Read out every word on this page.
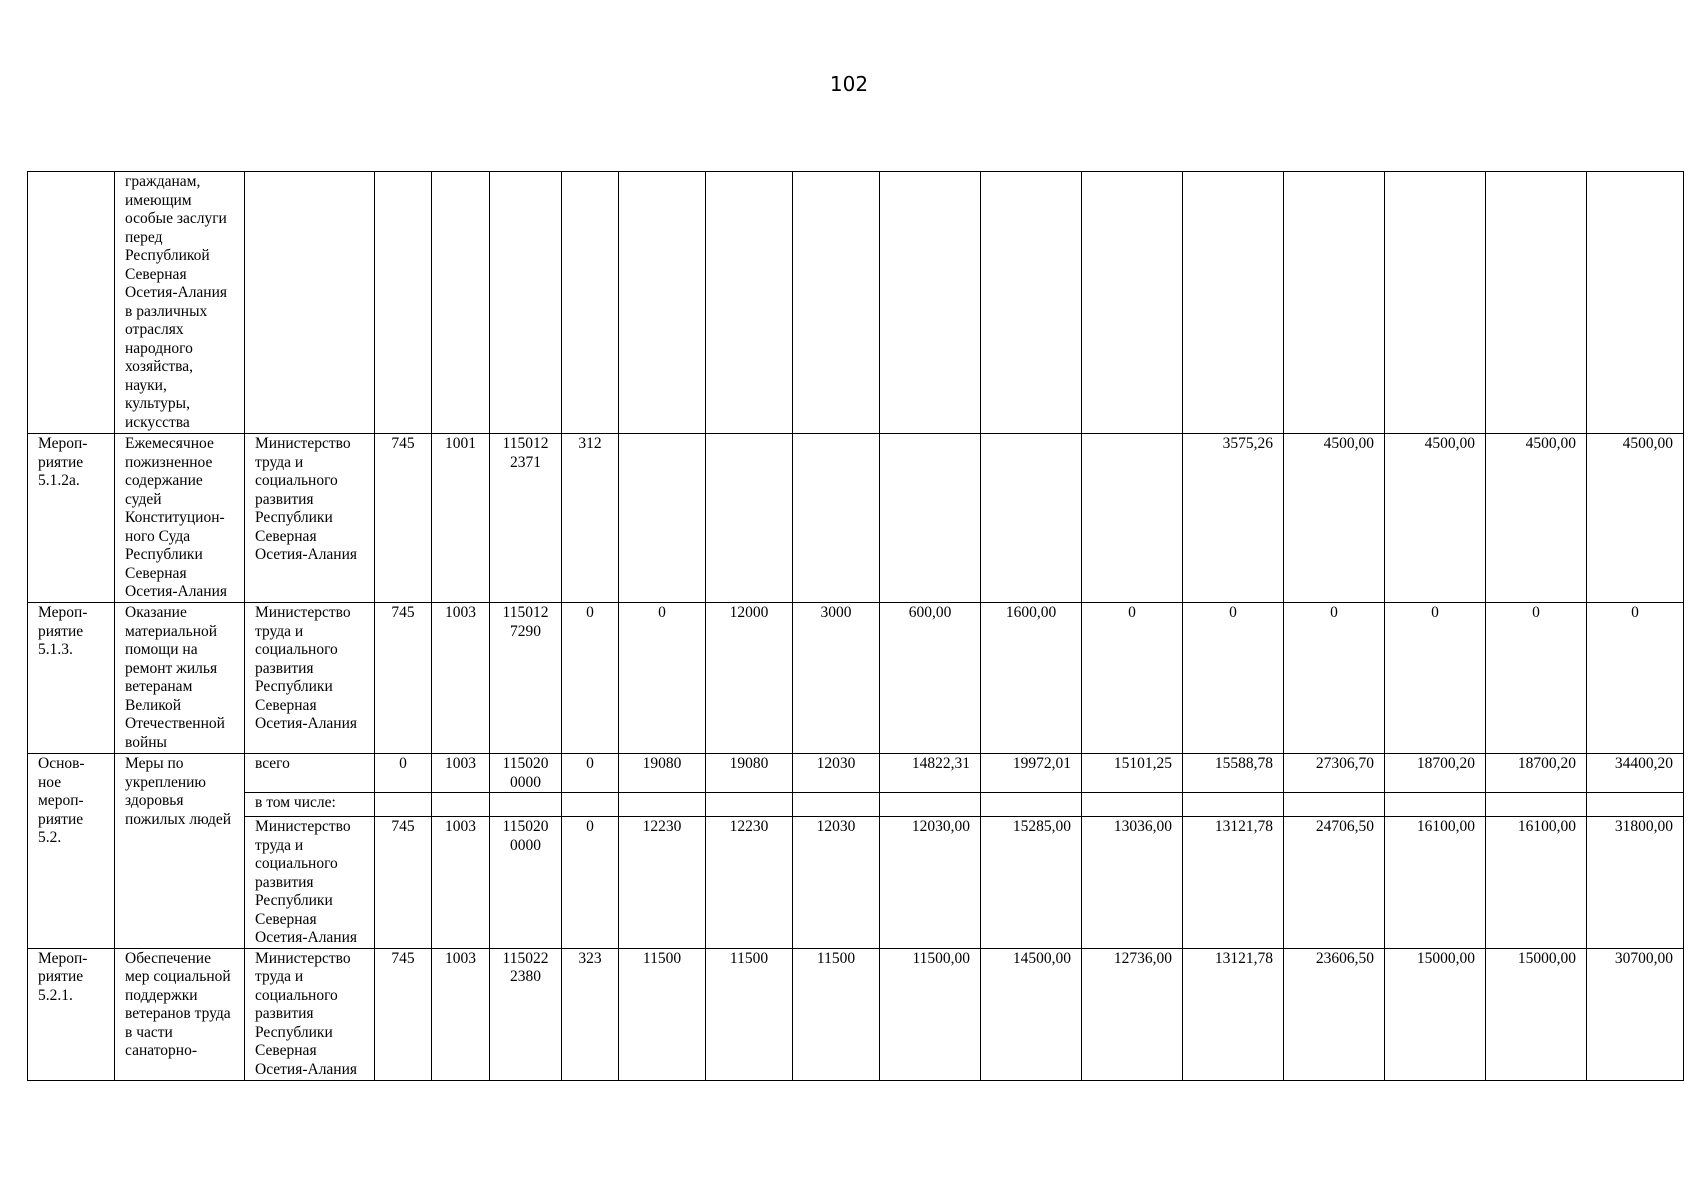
102
	гражданам, имеющим особые заслуги перед Республикой Северная Осетия-Алания в различных отраслях народного хозяйства, науки, культуры, искусства																
Мероп-риятие 5.1.2а.	Ежемесячное пожизненное содержание судей Конституцион-ного Суда Республики Северная Осетия-Алания	Министерство труда и социального развития Республики Северная Осетия-Алания	745	1001	1150122371	312							3575,26	4500,00	4500,00	4500,00	4500,00
Мероп-риятие 5.1.3.	Оказание материальной помощи на ремонт жилья ветеранам Великой Отечественной войны	Министерство труда и социального развития Республики Северная Осетия-Алания	745	1003	1150127290	0	0	12000	3000	600,00	1600,00	0	0	0	0	0	0
Основ-ное мероп-риятие 5.2.	Меры по укреплению здоровья пожилых людей	всего	0	1003	1150200000	0	19080	19080	12030	14822,31	19972,01	15101,25	15588,78	27306,70	18700,20	18700,20	34400,20
		в том числе:															
		Министерство труда и социального развития Республики Северная Осетия-Алания	745	1003	1150200000	0	12230	12230	12030	12030,00	15285,00	13036,00	13121,78	24706,50	16100,00	16100,00	31800,00
Мероп-риятие 5.2.1.	Обеспечение мер социальной поддержки ветеранов труда в части санаторно-	Министерство труда и социального развития Республики Северная Осетия-Алания	745	1003	1150222380	323	11500	11500	11500	11500,00	14500,00	12736,00	13121,78	23606,50	15000,00	15000,00	30700,00
